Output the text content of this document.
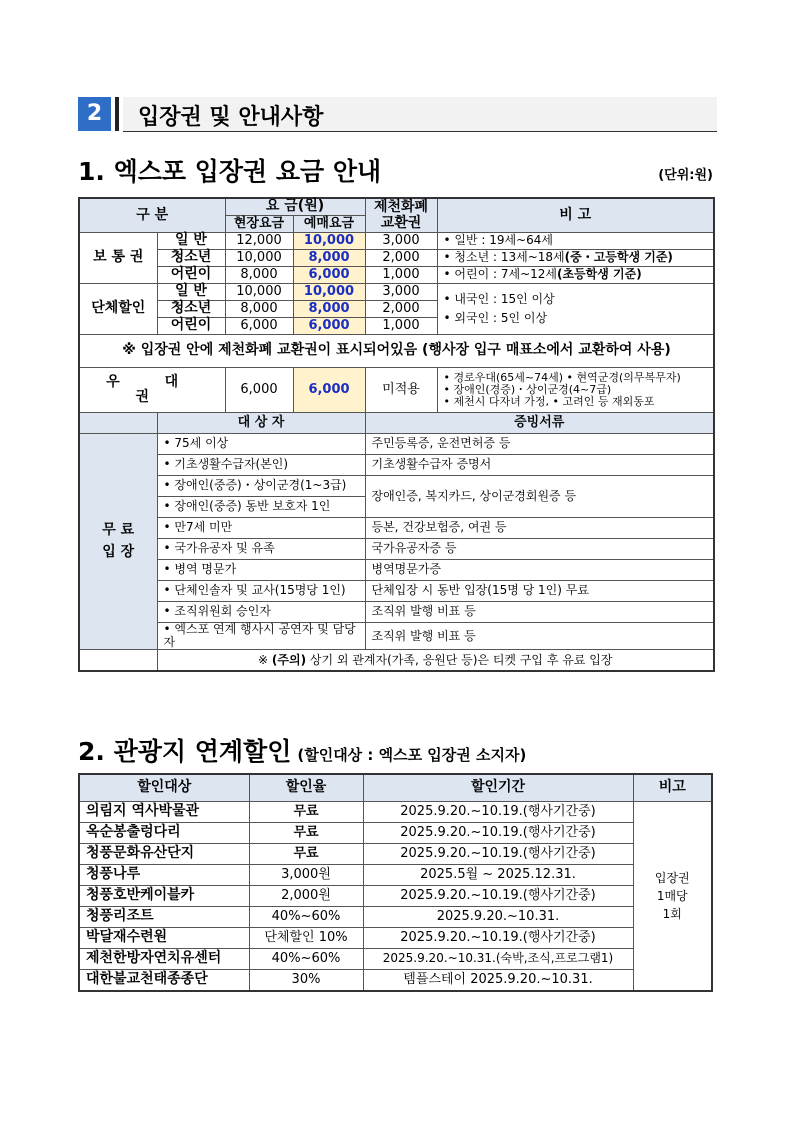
2	입장권 및 안내사항
1. 엑스포 입장권 요금 안내	(단위:원)
구 분		요 금(원)		제천화폐
교환권	비 고
		현장요금	예매요금		
보 통 권	일 반	12,000	10,000	3,000	• 일반 : 19세~64세
	청소년	10,000	8,000	2,000	• 청소년 : 13세~18세(중・고등학생 기준)
	어린이	8,000	6,000	1,000	• 어린이 : 7세~12세(초등학생 기준)
단체할인	일 반	10,000	10,000	3,000	• 내국인 : 15인 이상
• 외국인 : 5인 이상

	청소년	8,000	8,000	2,000	
	어린이	6,000	6,000	1,000	
※ 입장권 안에 제천화폐 교환권이 표시되어있음 (행사장 입구 매표소에서 교환하여 사용)					
우 대 권		6,000	6,000	미적용	• 경로우대(65세~74세) • 현역군경(의무복무자)
• 장애인(경증)・상이군경(4~7급)
• 제천시 다자녀 가정, • 고려인 등 재외동포

	대 상 자			증빙서류	

무 료
입 장	• 75세 이상			주민등록증, 운전면허증 등	
	• 기초생활수급자(본인)			기초생활수급자 증명서	
	• 장애인(중증)・상이군경(1~3급)			장애인증, 복지카드, 상이군경회원증 등	
	• 장애인(중증) 동반 보호자 1인				
	• 만7세 미만			등본, 건강보험증, 여권 등	
	• 국가유공자 및 유족			국가유공자증 등	
	• 병역 명문가			병역명문가증	
	• 단체인솔자 및 교사(15명당 1인)			단체입장 시 동반 입장(15명 당 1인) 무료	
	• 조직위원회 승인자			조직위 발행 비표 등	
	• 엑스포 연계 행사시 공연자 및 담당자			조직위 발행 비표 등	
	※ (주의) 상기 외 관계자(가족, 응원단 등)은 티켓 구입 후 유료 입장				
2. 관광지 연계할인 (할인대상 : 엑스포 입장권 소지자)
할인대상	할인율	할인기간	비고
의림지 역사박물관	무료	2025.9.20.~10.19.(행사기간중)	입장권
1매당
1회

옥순봉출렁다리	무료	2025.9.20.~10.19.(행사기간중)	
청풍문화유산단지	무료	2025.9.20.~10.19.(행사기간중)	
청풍나루	3,000원	2025.5월 ~ 2025.12.31.	
청풍호반케이블카	2,000원	2025.9.20.~10.19.(행사기간중)	
청풍리조트	40%~60%	2025.9.20.~10.31.	
박달재수련원	단체할인 10%	2025.9.20.~10.19.(행사기간중)	
제천한방자연치유센터	40%~60%	2025.9.20.~10.31.(숙박,조식,프로그램1)	
대한불교천태종종단	30%	템플스테이 2025.9.20.~10.31.	
